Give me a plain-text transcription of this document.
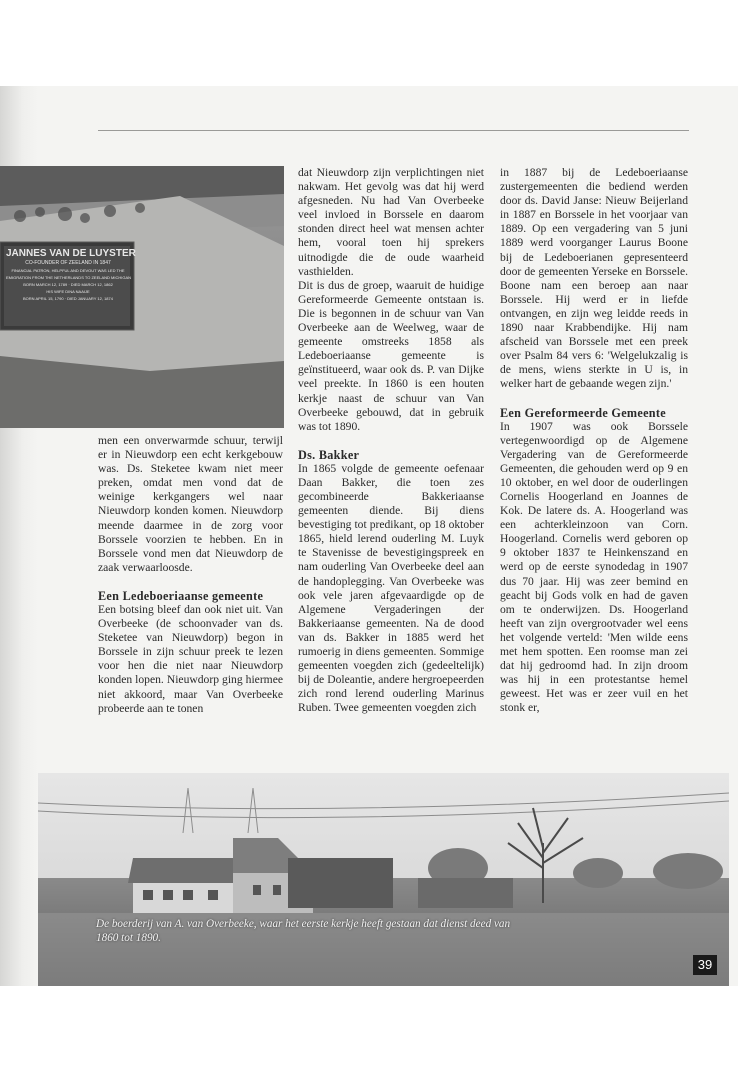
JANNES VAN DE LUYSTER
CO-FOUNDER OF ZEELAND IN 1847
FINANCIAL PATRON, HELPFUL AND DEVOUT WAS LED THE
EMIGRATION FROM THE NETHERLANDS TO ZEELAND MICHIGAN
BORN MARCH 12, 1789 · DIED MARCH 12, 1862
HIS WIFE DINA NAAIJE
BORN APRIL 15, 1790 · DIED JANUARY 12, 1874

men een onverwarmde schuur, terwijl er in Nieuwdorp een echt kerkgebouw was. Ds. Steketee kwam niet meer preken, omdat men vond dat de weinige kerkgangers wel naar Nieuwdorp konden komen. Nieuwdorp meende daarmee in de zorg voor Borssele voorzien te hebben. En in Borssele vond men dat Nieuwdorp de zaak verwaarloosde.

Een Ledeboeriaanse gemeente

Een botsing bleef dan ook niet uit. Van Overbeeke (de schoonvader van ds. Steketee van Nieuwdorp) begon in Borssele in zijn schuur preek te lezen voor hen die niet naar Nieuwdorp konden lopen. Nieuwdorp ging hiermee niet akkoord, maar Van Overbeeke probeerde aan te tonen

dat Nieuwdorp zijn verplichtingen niet nakwam. Het gevolg was dat hij werd afgesneden. Nu had Van Overbeeke veel invloed in Borssele en daarom stonden direct heel wat mensen achter hem, vooral toen hij sprekers uitnodigde die de oude waarheid vasthielden.

Dit is dus de groep, waaruit de huidige Gereformeerde Gemeente ontstaan is. Die is begonnen in de schuur van Van Overbeeke aan de Weelweg, waar de gemeente omstreeks 1858 als Ledeboeriaanse gemeente is geïnstitueerd, waar ook ds. P. van Dijke veel preekte. In 1860 is een houten kerkje naast de schuur van Van Overbeeke gebouwd, dat in gebruik was tot 1890.

Ds. Bakker

In 1865 volgde de gemeente oefenaar Daan Bakker, die toen zes gecombineerde Bakkeriaanse gemeenten diende. Bij diens bevestiging tot predikant, op 18 oktober 1865, hield lerend ouderling M. Luyk te Stavenisse de bevestigingspreek en nam ouderling Van Overbeeke deel aan de handoplegging. Van Overbeeke was ook vele jaren afgevaardigde op de Algemene Vergaderingen der Bakkeriaanse gemeenten. Na de dood van ds. Bakker in 1885 werd het rumoerig in diens gemeenten. Sommige gemeenten voegden zich (gedeeltelijk) bij de Doleantie, andere hergroepeerden zich rond lerend ouderling Marinus Ruben. Twee gemeenten voegden zich

in 1887 bij de Ledeboeriaanse zustergemeenten die bediend werden door ds. David Janse: Nieuw Beijerland in 1887 en Borssele in het voorjaar van 1889. Op een vergadering van 5 juni 1889 werd voorganger Laurus Boone bij de Ledeboerianen gepresenteerd door de gemeenten Yerseke en Borssele. Boone nam een beroep aan naar Borssele. Hij werd er in liefde ontvangen, en zijn weg leidde reeds in 1890 naar Krabbendijke. Hij nam afscheid van Borssele met een preek over Psalm 84 vers 6: 'Welgelukzalig is de mens, wiens sterkte in U is, in welker hart de gebaande wegen zijn.'

Een Gereformeerde Gemeente

In 1907 was ook Borssele vertegenwoordigd op de Algemene Vergadering van de Gereformeerde Gemeenten, die gehouden werd op 9 en 10 oktober, en wel door de ouderlingen Cornelis Hoogerland en Joannes de Kok. De latere ds. A. Hoogerland was een achterkleinzoon van Corn. Hoogerland. Cornelis werd geboren op 9 oktober 1837 te Heinkenszand en werd op de eerste synodedag in 1907 dus 70 jaar. Hij was zeer bemind en geacht bij Gods volk en had de gaven om te onderwijzen. Ds. Hoogerland heeft van zijn overgrootvader wel eens het volgende verteld: 'Men wilde eens met hem spotten. Een roomse man zei dat hij gedroomd had. In zijn droom was hij in een protestantse hemel geweest. Het was er zeer vuil en het stonk er,

De boerderij van A. van Overbeeke, waar het eerste kerkje heeft gestaan dat dienst deed van 1860 tot 1890.
39
